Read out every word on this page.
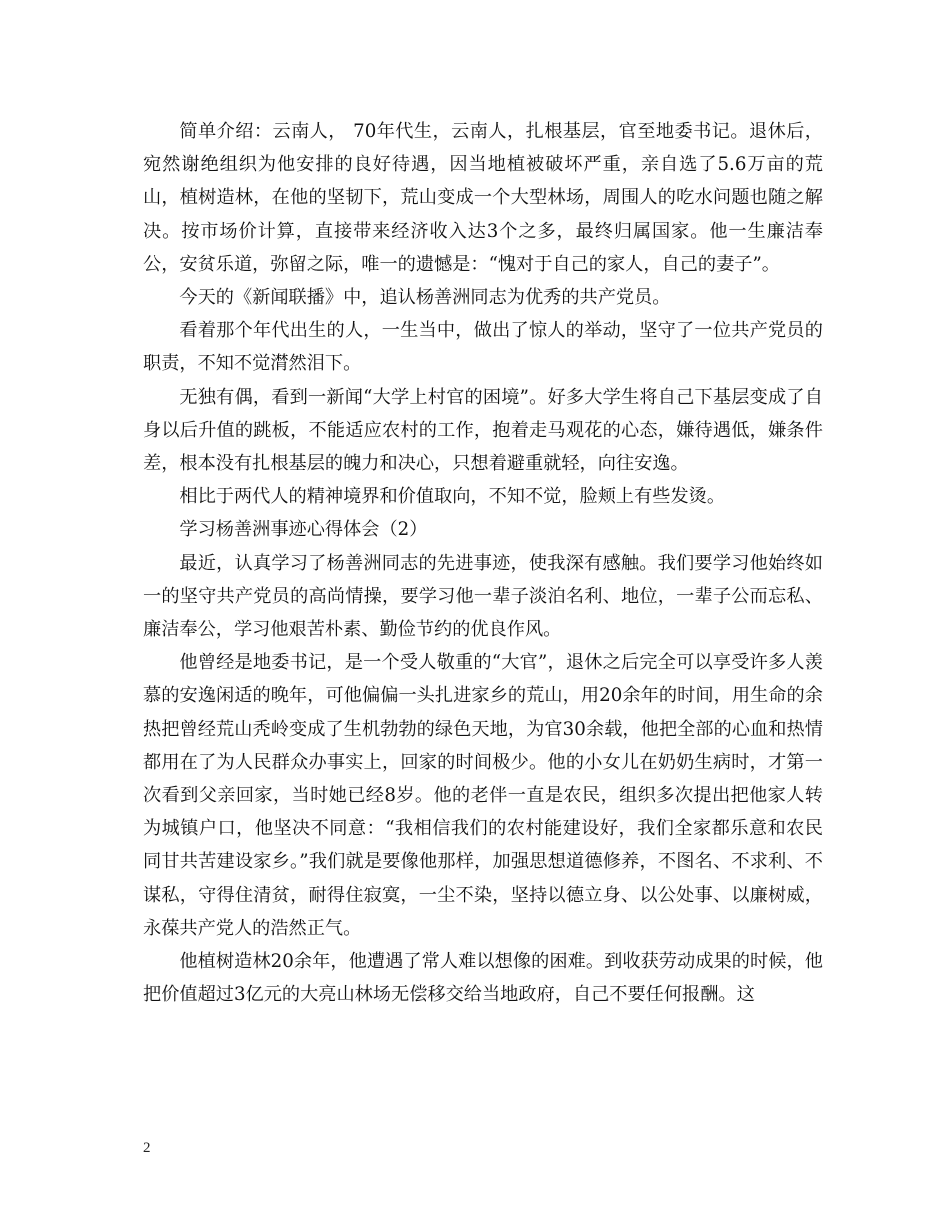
简单介绍：云南人， 70年代生，云南人，扎根基层，官至地委书记。退休后，宛然谢绝组织为他安排的良好待遇，因当地植被破坏严重，亲自选了5.6万亩的荒山，植树造林，在他的坚韧下，荒山变成一个大型林场，周围人的吃水问题也随之解决。按市场价计算，直接带来经济收入达3个之多，最终归属国家。他一生廉洁奉公，安贫乐道，弥留之际，唯一的遗憾是：“愧对于自己的家人，自己的妻子”。

今天的《新闻联播》中，追认杨善洲同志为优秀的共产党员。

看着那个年代出生的人，一生当中，做出了惊人的举动，坚守了一位共产党员的职责，不知不觉潸然泪下。

无独有偶，看到一新闻“大学上村官的困境”。好多大学生将自己下基层变成了自身以后升值的跳板，不能适应农村的工作，抱着走马观花的心态，嫌待遇低，嫌条件差，根本没有扎根基层的魄力和决心，只想着避重就轻，向往安逸。

相比于两代人的精神境界和价值取向，不知不觉，脸颊上有些发烫。

学习杨善洲事迹心得体会（2）

最近，认真学习了杨善洲同志的先进事迹，使我深有感触。我们要学习他始终如一的坚守共产党员的高尚情操，要学习他一辈子淡泊名利、地位，一辈子公而忘私、廉洁奉公，学习他艰苦朴素、勤俭节约的优良作风。

他曾经是地委书记，是一个受人敬重的“大官”，退休之后完全可以享受许多人羡慕的安逸闲适的晚年，可他偏偏一头扎进家乡的荒山，用20余年的时间，用生命的余热把曾经荒山秃岭变成了生机勃勃的绿色天地，为官30余载，他把全部的心血和热情都用在了为人民群众办事实上，回家的时间极少。他的小女儿在奶奶生病时，才第一次看到父亲回家，当时她已经8岁。他的老伴一直是农民，组织多次提出把他家人转为城镇户口，他坚决不同意：“我相信我们的农村能建设好，我们全家都乐意和农民同甘共苦建设家乡。”我们就是要像他那样，加强思想道德修养，不图名、不求利、不谋私，守得住清贫，耐得住寂寞，一尘不染，坚持以德立身、以公处事、以廉树威，永葆共产党人的浩然正气。

他植树造林20余年，他遭遇了常人难以想像的困难。到收获劳动成果的时候，他把价值超过3亿元的大亮山林场无偿移交给当地政府，自己不要任何报酬。这

2
